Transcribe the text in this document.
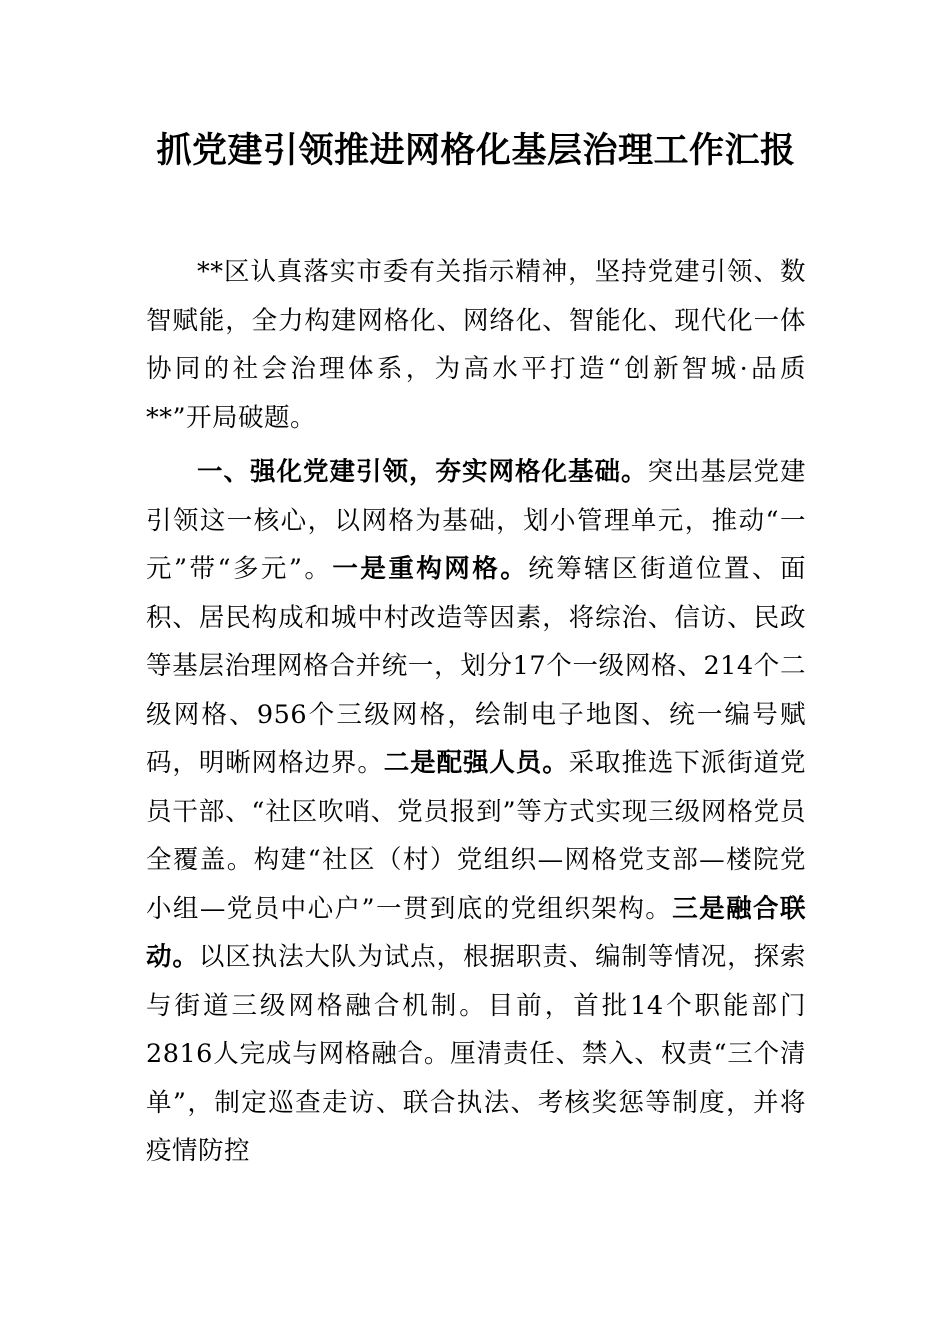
抓党建引领推进网格化基层治理工作汇报

**区认真落实市委有关指示精神，坚持党建引领、数智赋能，全力构建网格化、网络化、智能化、现代化一体协同的社会治理体系，为高水平打造“创新智城·品质**”开局破题。

一、强化党建引领，夯实网格化基础。突出基层党建引领这一核心，以网格为基础，划小管理单元，推动“一元”带“多元”。一是重构网格。统筹辖区街道位置、面积、居民构成和城中村改造等因素，将综治、信访、民政等基层治理网格合并统一，划分17个一级网格、214个二级网格、956个三级网格，绘制电子地图、统一编号赋码，明晰网格边界。二是配强人员。采取推选下派街道党员干部、“社区吹哨、党员报到”等方式实现三级网格党员全覆盖。构建“社区（村）党组织—网格党支部—楼院党小组—党员中心户”一贯到底的党组织架构。三是融合联动。以区执法大队为试点，根据职责、编制等情况，探索与街道三级网格融合机制。目前，首批14个职能部门2816人完成与网格融合。厘清责任、禁入、权责“三个清单”，制定巡查走访、联合执法、考核奖惩等制度，并将疫情防控
